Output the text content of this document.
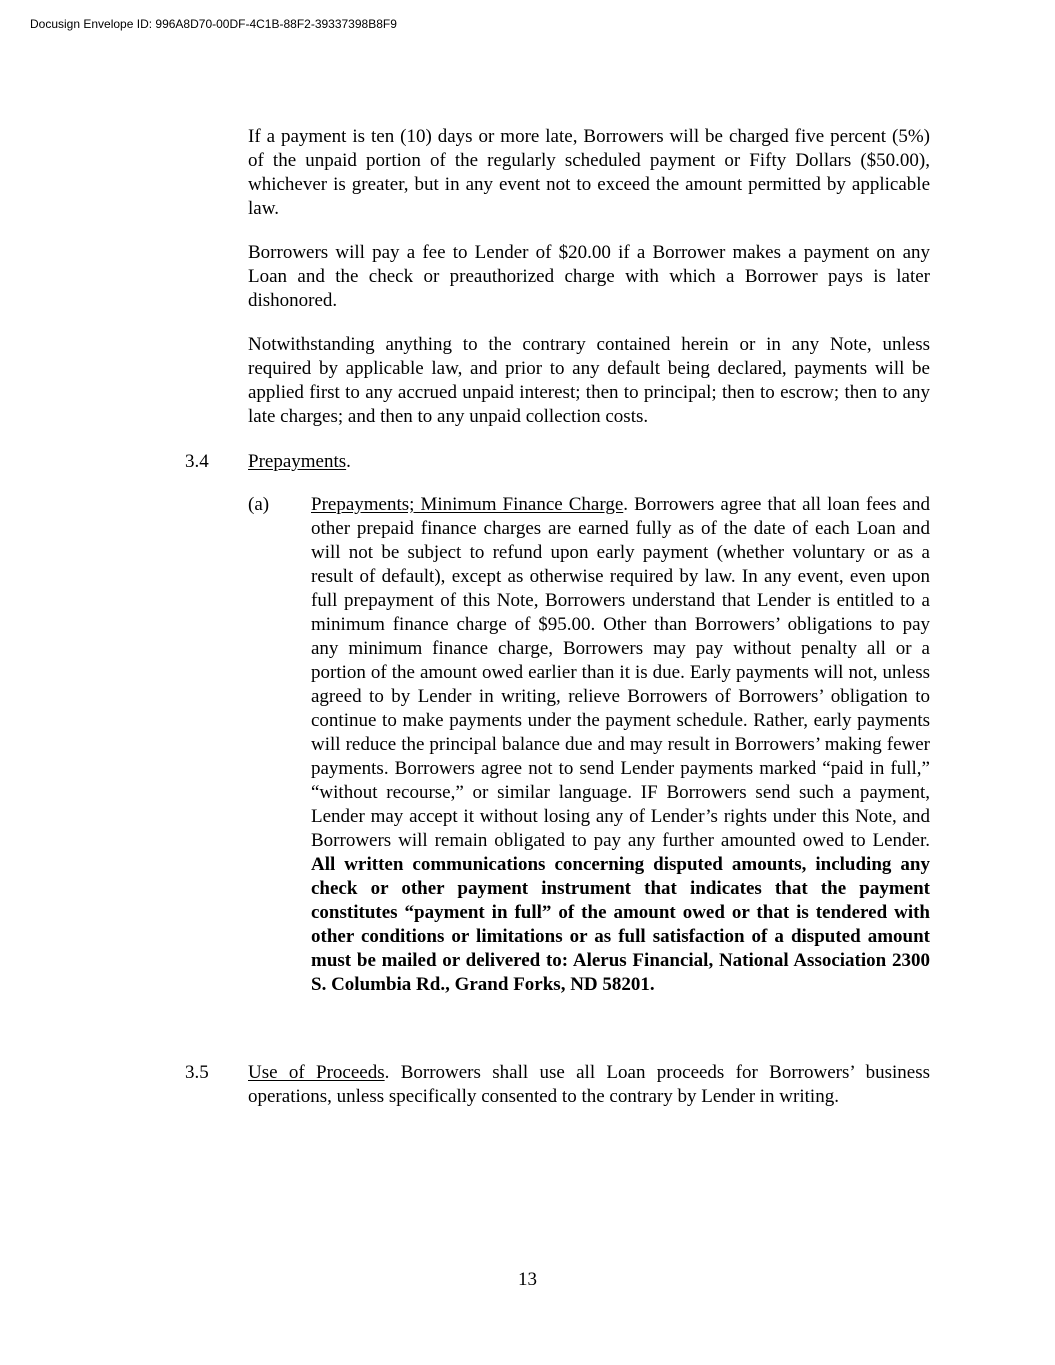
Docusign Envelope ID: 996A8D70-00DF-4C1B-88F2-39337398B8F9

If a payment is ten (10) days or more late, Borrowers will be charged five percent (5%) of the unpaid portion of the regularly scheduled payment or Fifty Dollars ($50.00), whichever is greater, but in any event not to exceed the amount permitted by applicable law.

Borrowers will pay a fee to Lender of $20.00 if a Borrower makes a payment on any Loan and the check or preauthorized charge with which a Borrower pays is later dishonored.

Notwithstanding anything to the contrary contained herein or in any Note, unless required by applicable law, and prior to any default being declared, payments will be applied first to any accrued unpaid interest; then to principal; then to escrow; then to any late charges; and then to any unpaid collection costs.

3.4 Prepayments.

(a) Prepayments; Minimum Finance Charge. Borrowers agree that all loan fees and other prepaid finance charges are earned fully as of the date of each Loan and will not be subject to refund upon early payment (whether voluntary or as a result of default), except as otherwise required by law. In any event, even upon full prepayment of this Note, Borrowers understand that Lender is entitled to a minimum finance charge of $95.00. Other than Borrowers’ obligations to pay any minimum finance charge, Borrowers may pay without penalty all or a portion of the amount owed earlier than it is due. Early payments will not, unless agreed to by Lender in writing, relieve Borrowers of Borrowers’ obligation to continue to make payments under the payment schedule. Rather, early payments will reduce the principal balance due and may result in Borrowers’ making fewer payments. Borrowers agree not to send Lender payments marked “paid in full,” “without recourse,” or similar language. IF Borrowers send such a payment, Lender may accept it without losing any of Lender’s rights under this Note, and Borrowers will remain obligated to pay any further amounted owed to Lender. All written communications concerning disputed amounts, including any check or other payment instrument that indicates that the payment constitutes “payment in full” of the amount owed or that is tendered with other conditions or limitations or as full satisfaction of a disputed amount must be mailed or delivered to: Alerus Financial, National Association 2300 S. Columbia Rd., Grand Forks, ND 58201.

3.5 Use of Proceeds. Borrowers shall use all Loan proceeds for Borrowers’ business operations, unless specifically consented to the contrary by Lender in writing.

13
